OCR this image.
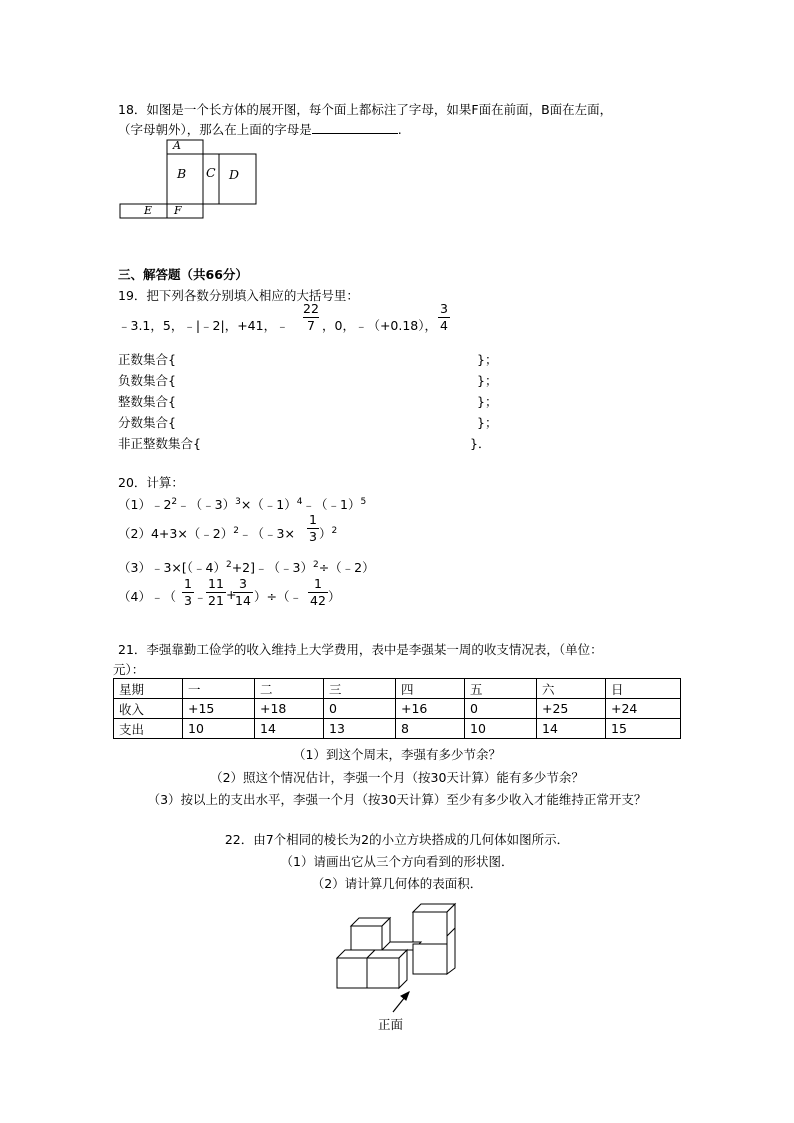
18．如图是一个长方体的展开图，每个面上都标注了字母，如果F面在前面，B面在左面，
（字母朝外），那么在上面的字母是	.
A
B C D
E F
三、解答题（共66分）
19．把下列各数分别填入相应的大括号里：
﹣3.1，5，﹣|﹣2|，+41，﹣
22
7 ，0，﹣（+0.18），
3
4
正数集合{	}；
负数集合{	}；
整数集合{	}；
分数集合{	}；
非正整数集合{	}．
20．计算：
$(1)﹣2^2﹣(﹣3)^3\times(﹣1)^4﹣(﹣1)^5$
（2）4+3×（﹣2）$^2$﹣（﹣3×
1
3 ）$^2$
（3）﹣3×[（﹣4）$^2$+2]﹣（﹣3）$^2$÷（﹣2）
（4）﹣（
1
3 ﹣
11
21 +
3
14 ）÷（﹣
1
42 ）
21．李强靠勤工俭学的收入维持上大学费用，表中是李强某一周的收支情况表，（单位：
元）：
星期	一	二	三	四	五	六	日
收入	+15	+18	0	+16	0	+25	+24
支出	10	14	13	8	10	14	15
（1）到这个周末，李强有多少节余？
（2）照这个情况估计，李强一个月（按30天计算）能有多少节余？
（3）按以上的支出水平，李强一个月（按30天计算）至少有多少收入才能维持正常开支？
22．由7个相同的棱长为2的小立方块搭成的几何体如图所示．
（1）请画出它从三个方向看到的形状图．
（2）请计算几何体的表面积．
正面
